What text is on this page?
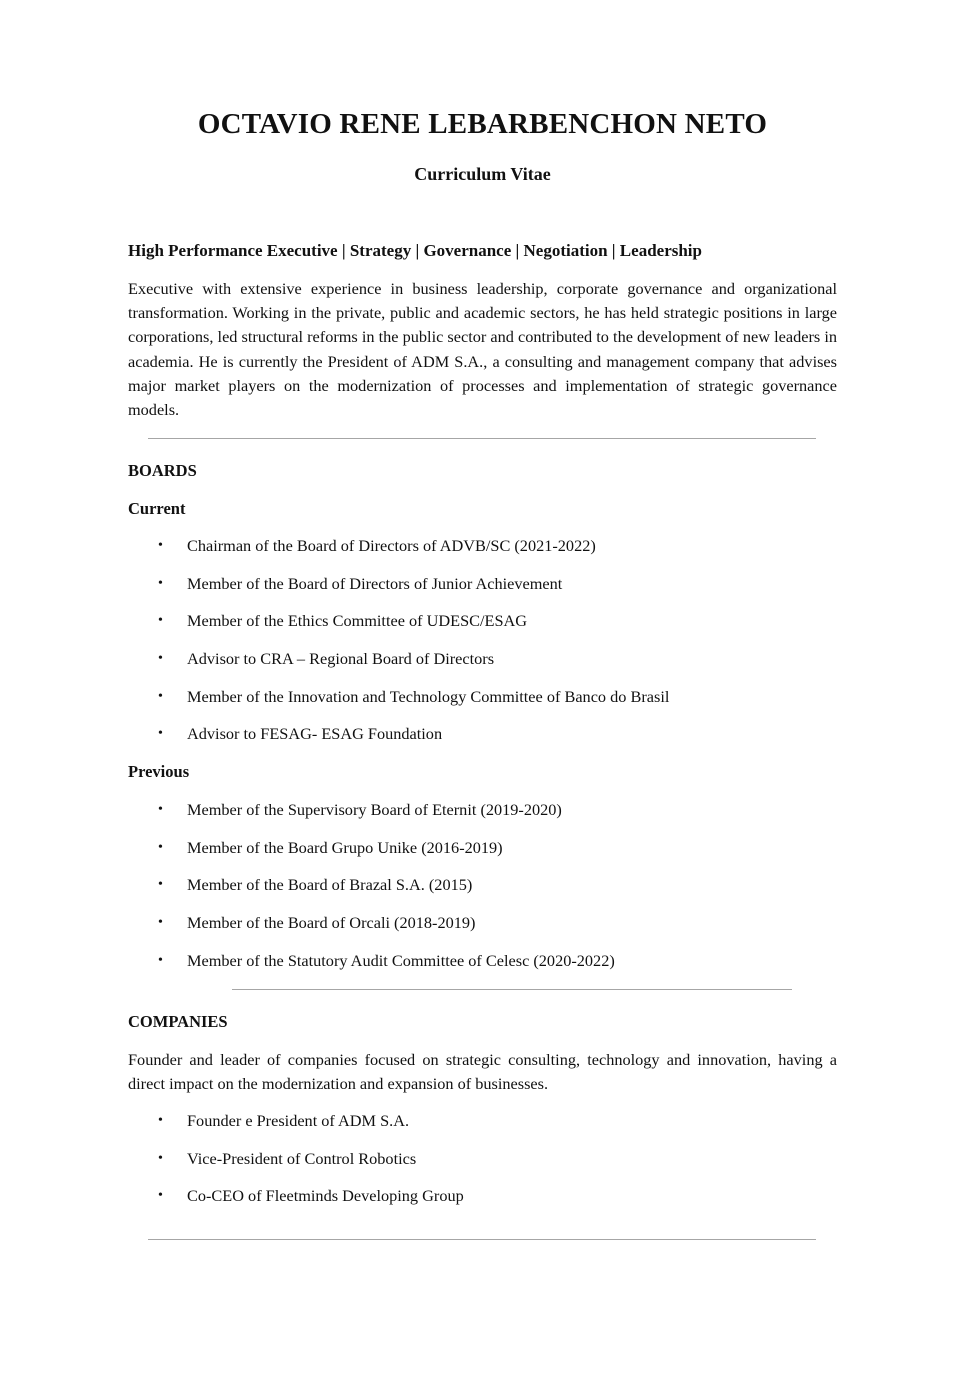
OCTAVIO RENE LEBARBENCHON NETO
Curriculum Vitae

High Performance Executive | Strategy | Governance | Negotiation | Leadership

Executive with extensive experience in business leadership, corporate governance and organizational transformation. Working in the private, public and academic sectors, he has held strategic positions in large corporations, led structural reforms in the public sector and contributed to the development of new leaders in academia. He is currently the President of ADM S.A., a consulting and management company that advises major market players on the modernization of processes and implementation of strategic governance models.

BOARDS
Current
• Chairman of the Board of Directors of ADVB/SC (2021-2022)
• Member of the Board of Directors of Junior Achievement
• Member of the Ethics Committee of UDESC/ESAG
• Advisor to CRA – Regional Board of Directors
• Member of the Innovation and Technology Committee of Banco do Brasil
• Advisor to FESAG- ESAG Foundation
Previous
• Member of the Supervisory Board of Eternit (2019-2020)
• Member of the Board Grupo Unike (2016-2019)
• Member of the Board of Brazal S.A. (2015)
• Member of the Board of Orcali (2018-2019)
• Member of the Statutory Audit Committee of Celesc (2020-2022)
COMPANIES

Founder and leader of companies focused on strategic consulting, technology and innovation, having a direct impact on the modernization and expansion of businesses.

• Founder e President of ADM S.A.
• Vice-President of Control Robotics
• Co-CEO of Fleetminds Developing Group
